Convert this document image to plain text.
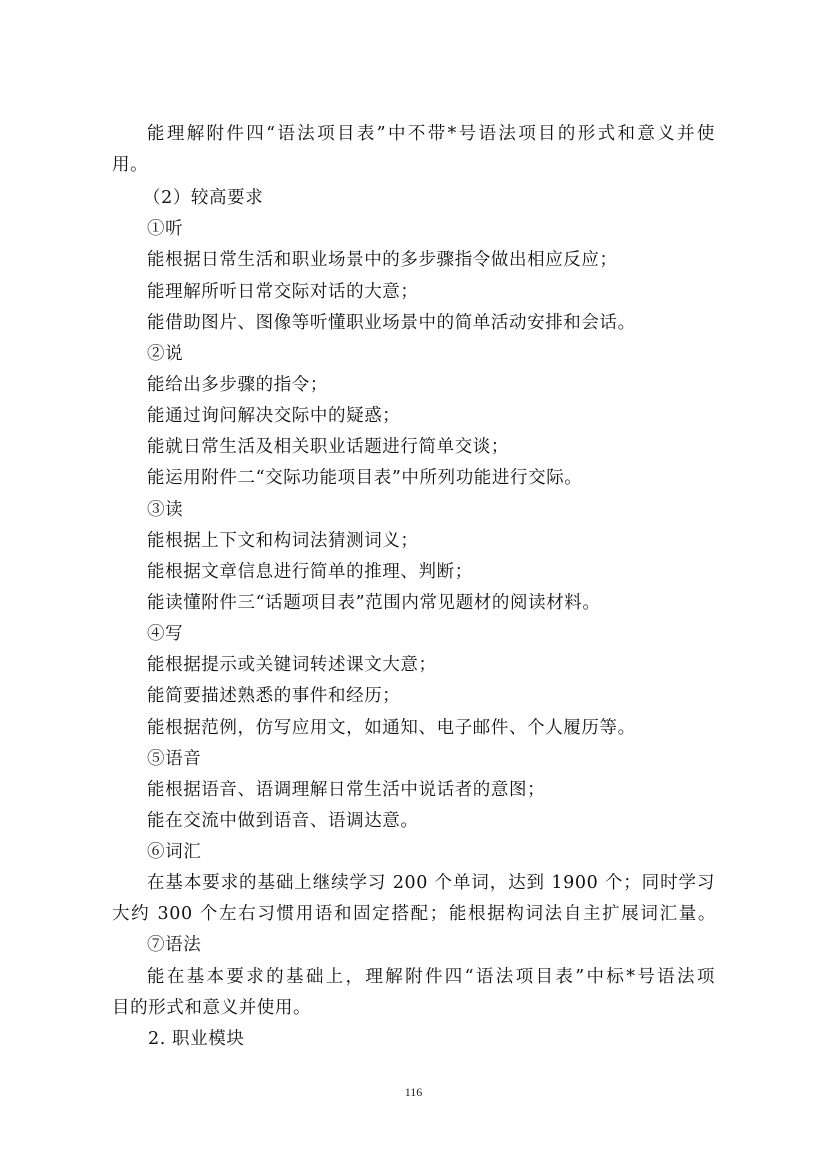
能理解附件四“语法项目表”中不带*号语法项目的形式和意义并使
用。
（2）较高要求
①听
能根据日常生活和职业场景中的多步骤指令做出相应反应；
能理解所听日常交际对话的大意；
能借助图片、图像等听懂职业场景中的简单活动安排和会话。
②说
能给出多步骤的指令；
能通过询问解决交际中的疑惑；
能就日常生活及相关职业话题进行简单交谈；
能运用附件二“交际功能项目表”中所列功能进行交际。
③读
能根据上下文和构词法猜测词义；
能根据文章信息进行简单的推理、判断；
能读懂附件三“话题项目表”范围内常见题材的阅读材料。
④写
能根据提示或关键词转述课文大意；
能简要描述熟悉的事件和经历；
能根据范例，仿写应用文，如通知、电子邮件、个人履历等。
⑤语音
能根据语音、语调理解日常生活中说话者的意图；
能在交流中做到语音、语调达意。
⑥词汇
在基本要求的基础上继续学习 200 个单词，达到 1900 个；同时学习
大约 300 个左右习惯用语和固定搭配；能根据构词法自主扩展词汇量。
⑦语法
能在基本要求的基础上，理解附件四“语法项目表”中标*号语法项
目的形式和意义并使用。
2. 职业模块
116
